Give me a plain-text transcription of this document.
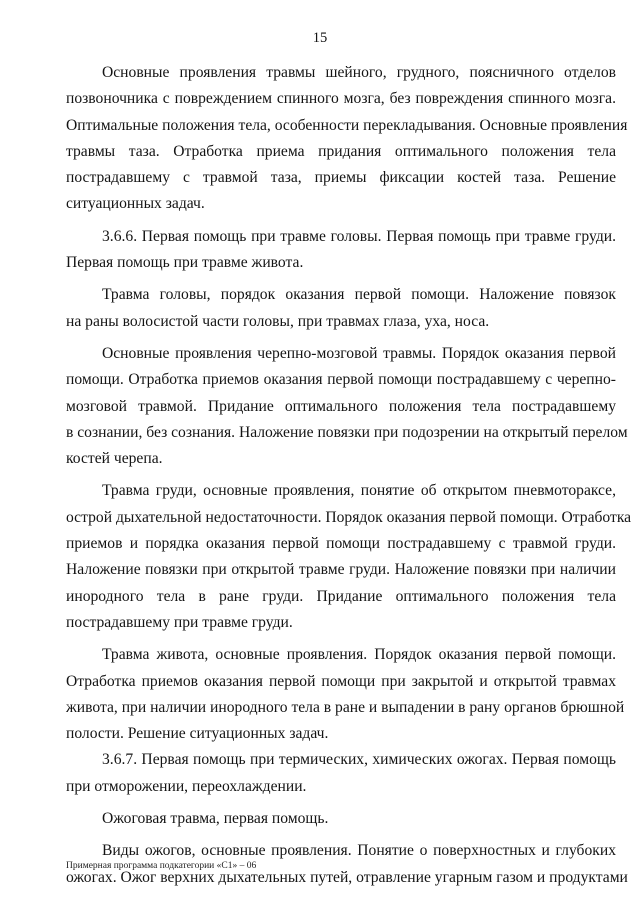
15

Основные проявления травмы шейного, грудного, поясничного отделов
позвоночника с повреждением спинного мозга, без повреждения спинного мозга.
Оптимальные положения тела, особенности перекладывания. Основные проявления
травмы таза. Отработка приема придания оптимального положения тела
пострадавшему с травмой таза, приемы фиксации костей таза. Решение
ситуационных задач.

3.6.6. Первая помощь при травме головы. Первая помощь при травме груди.
Первая помощь при травме живота.

Травма головы, порядок оказания первой помощи. Наложение повязок
на раны волосистой части головы, при травмах глаза, уха, носа.

Основные проявления черепно-мозговой травмы. Порядок оказания первой
помощи. Отработка приемов оказания первой помощи пострадавшему с черепно-
мозговой травмой. Придание оптимального положения тела пострадавшему
в сознании, без сознания. Наложение повязки при подозрении на открытый перелом
костей черепа.

Травма груди, основные проявления, понятие об открытом пневмотораксе,
острой дыхательной недостаточности. Порядок оказания первой помощи. Отработка
приемов и порядка оказания первой помощи пострадавшему с травмой груди.
Наложение повязки при открытой травме груди. Наложение повязки при наличии
инородного тела в ране груди. Придание оптимального положения тела
пострадавшему при травме груди.

Травма живота, основные проявления. Порядок оказания первой помощи.
Отработка приемов оказания первой помощи при закрытой и открытой травмах
живота, при наличии инородного тела в ране и выпадении в рану органов брюшной
полости. Решение ситуационных задач.

3.6.7. Первая помощь при термических, химических ожогах. Первая помощь
при отморожении, переохлаждении.

Ожоговая травма, первая помощь.

Виды ожогов, основные проявления. Понятие о поверхностных и глубоких
ожогах. Ожог верхних дыхательных путей, отравление угарным газом и продуктами

Примерная программа подкатегории «С1» – 06
